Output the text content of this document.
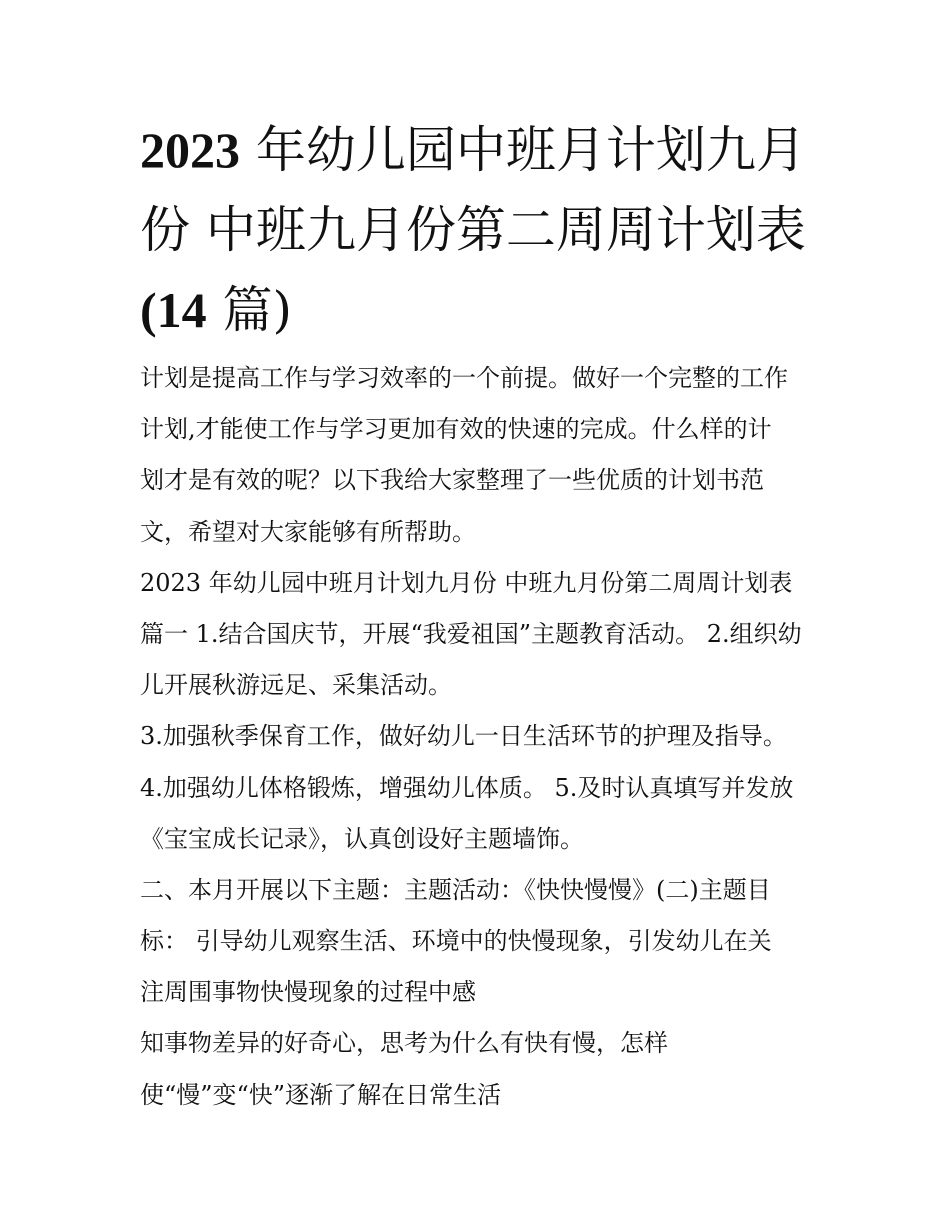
2023 年幼儿园中班月计划九月
份 中班九月份第二周周计划表
(14 篇)
计划是提高工作与学习效率的一个前提。做好一个完整的工作
计划,才能使工作与学习更加有效的快速的完成。什么样的计
划才是有效的呢？以下我给大家整理了一些优质的计划书范
文，希望对大家能够有所帮助。
2023 年幼儿园中班月计划九月份 中班九月份第二周周计划表
篇一 1.结合国庆节，开展“我爱祖国”主题教育活动。 2.组织幼
儿开展秋游远足、采集活动。
3.加强秋季保育工作，做好幼儿一日生活环节的护理及指导。
4.加强幼儿体格锻炼，增强幼儿体质。 5.及时认真填写并发放
《宝宝成长记录》，认真创设好主题墙饰。
二、本月开展以下主题：主题活动：《快快慢慢》(二)主题目
标： 引导幼儿观察生活、环境中的快慢现象，引发幼儿在关
注周围事物快慢现象的过程中感
知事物差异的好奇心，思考为什么有快有慢，怎样
使“慢”变“快”逐渐了解在日常生活
